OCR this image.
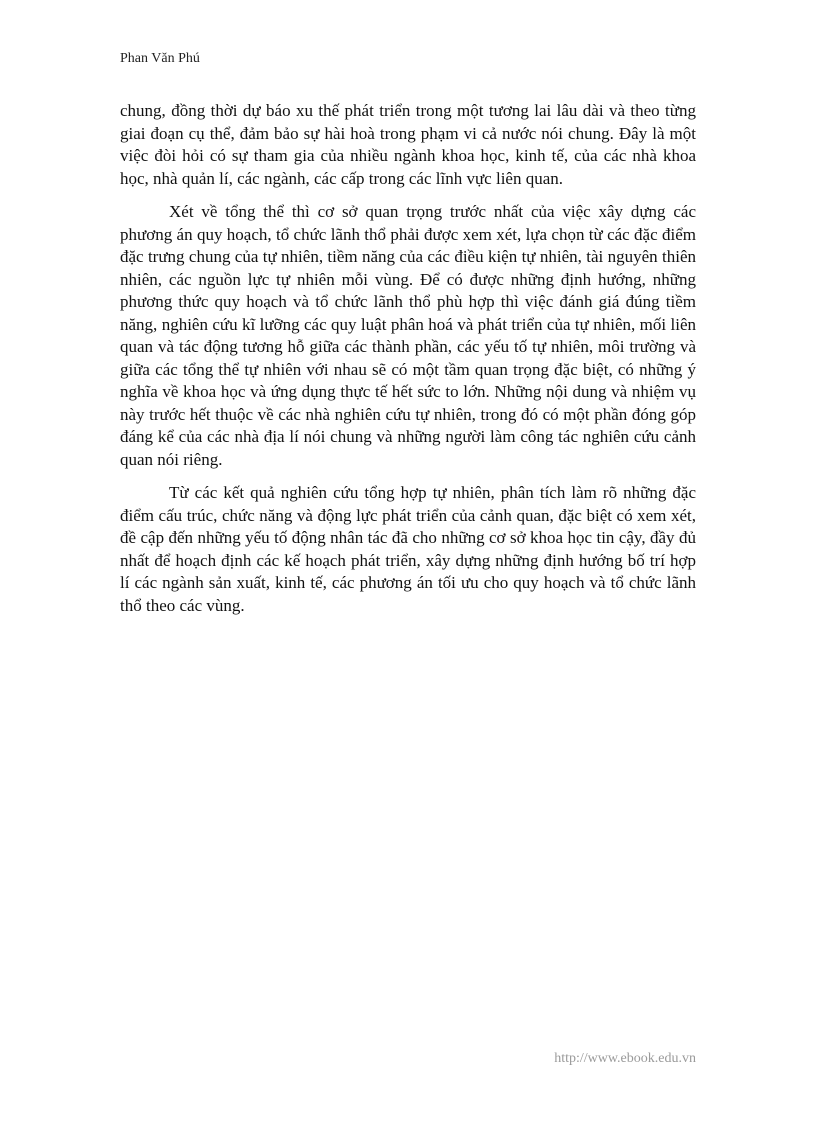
Phan Văn Phú

chung, đồng thời dự báo xu thế phát triển trong một tương lai lâu dài và theo từng giai đoạn cụ thể, đảm bảo sự hài hoà trong phạm vi cả nước nói chung. Đây là một việc đòi hỏi có sự tham gia của nhiều ngành khoa học, kinh tế, của các nhà khoa học, nhà quản lí, các ngành, các cấp trong các lĩnh vực liên quan.

Xét về tổng thể thì cơ sở quan trọng trước nhất của việc xây dựng các phương án quy hoạch, tổ chức lãnh thổ phải được xem xét, lựa chọn từ các đặc điểm đặc trưng chung của tự nhiên, tiềm năng của các điều kiện tự nhiên, tài nguyên thiên nhiên, các nguồn lực tự nhiên mỗi vùng. Để có được những định hướng, những phương thức quy hoạch và tổ chức lãnh thổ phù hợp thì việc đánh giá đúng tiềm năng, nghiên cứu kĩ lưỡng các quy luật phân hoá và phát triển của tự nhiên, mối liên quan và tác động tương hỗ giữa các thành phần, các yếu tố tự nhiên, môi trường và giữa các tổng thể tự nhiên với nhau sẽ có một tầm quan trọng đặc biệt, có những ý nghĩa về khoa học và ứng dụng thực tế hết sức to lớn. Những nội dung và nhiệm vụ này trước hết thuộc về các nhà nghiên cứu tự nhiên, trong đó có một phần đóng góp đáng kể của các nhà địa lí nói chung và những người làm công tác nghiên cứu cảnh quan nói riêng.

Từ các kết quả nghiên cứu tổng hợp tự nhiên, phân tích làm rõ những đặc điểm cấu trúc, chức năng và động lực phát triển của cảnh quan, đặc biệt có xem xét, đề cập đến những yếu tố động nhân tác đã cho những cơ sở khoa học tin cậy, đầy đủ nhất để hoạch định các kế hoạch phát triển, xây dựng những định hướng bố trí hợp lí các ngành sản xuất, kinh tế, các phương án tối ưu cho quy hoạch và tổ chức lãnh thổ theo các vùng.

http://www.ebook.edu.vn
